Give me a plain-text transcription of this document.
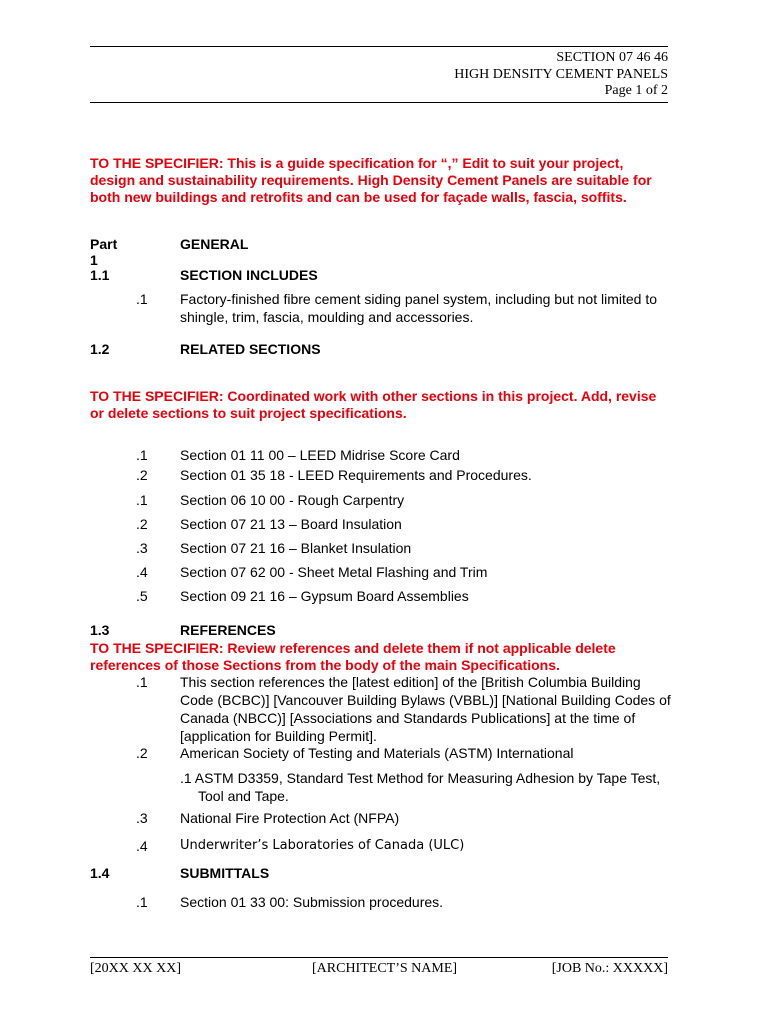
SECTION 07 46 46
HIGH DENSITY CEMENT PANELS
Page 1 of 2
TO THE SPECIFIER: This is a guide specification for “,” Edit to suit your project, design and sustainability requirements. High Density Cement Panels are suitable for both new buildings and retrofits and can be used for façade walls, fascia, soffits.
Part 1
GENERAL
1.1	SECTION INCLUDES
.1	Factory-finished fibre cement siding panel system, including but not limited to shingle, trim, fascia, moulding and accessories.
1.2	RELATED SECTIONS
TO THE SPECIFIER: Coordinated work with other sections in this project. Add, revise or delete sections to suit project specifications.
.1	Section 01 11 00 – LEED Midrise Score Card
.2	Section 01 35 18 - LEED Requirements and Procedures.
.1	Section 06 10 00 - Rough Carpentry
.2	Section 07 21 13 – Board Insulation
.3	Section 07 21 16 – Blanket Insulation
.4	Section 07 62 00 - Sheet Metal Flashing and Trim
.5	Section 09 21 16 – Gypsum Board Assemblies
1.3	REFERENCES
TO THE SPECIFIER: Review references and delete them if not applicable delete references of those Sections from the body of the main Specifications.
.1	This section references the [latest edition] of the [British Columbia Building Code (BCBC)] [Vancouver Building Bylaws (VBBL)] [National Building Codes of Canada (NBCC)] [Associations and Standards Publications] at the time of [application for Building Permit].
.2	American Society of Testing and Materials (ASTM) International
.1 ASTM D3359, Standard Test Method for Measuring Adhesion by Tape Test, Tool and Tape.
.3	National Fire Protection Act (NFPA)
.4	Underwriter’s Laboratories of Canada (ULC)
1.4	SUBMITTALS
.1	Section 01 33 00: Submission procedures.
[20XX XX XX]	[ARCHITECT’S NAME]	[JOB No.: XXXXX]
